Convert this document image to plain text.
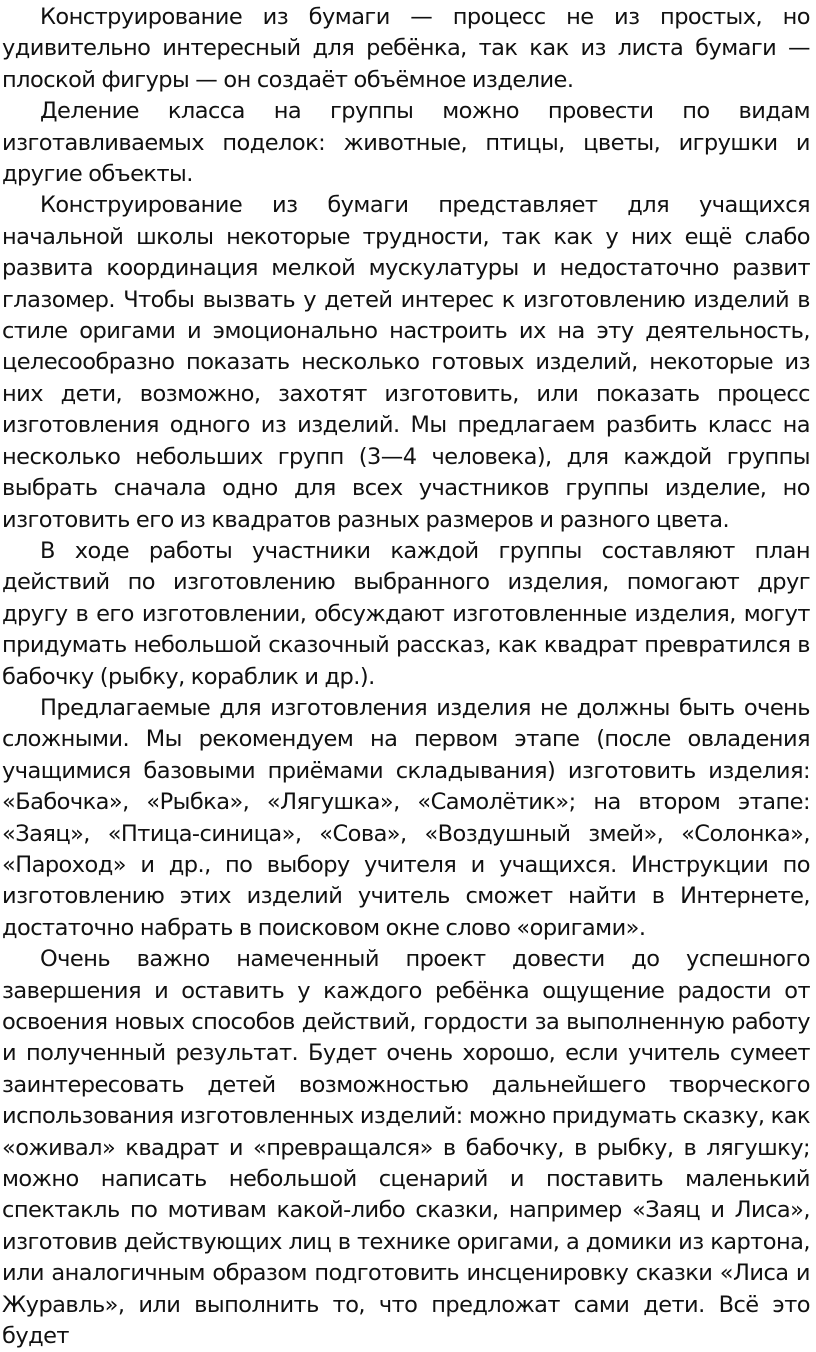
Конструирование из бумаги — процесс не из простых, но удивительно интересный для ребёнка, так как из листа бумаги — плоской фигуры — он создаёт объёмное изделие.

Деление класса на группы можно провести по видам изготавливаемых поделок: животные, птицы, цветы, игрушки и другие объекты.

Конструирование из бумаги представляет для учащихся начальной школы некоторые трудности, так как у них ещё слабо развита координация мелкой мускулатуры и недостаточно развит глазомер. Чтобы вызвать у детей интерес к изготовлению изделий в стиле оригами и эмоционально настроить их на эту деятельность, целесообразно показать несколько готовых изделий, некоторые из них дети, возможно, захотят изготовить, или показать процесс изготовления одного из изделий. Мы предлагаем разбить класс на несколько небольших групп (3—4 человека), для каждой группы выбрать сначала одно для всех участников группы изделие, но изготовить его из квадратов разных размеров и разного цвета.

В ходе работы участники каждой группы составляют план действий по изготовлению выбранного изделия, помогают друг другу в его изготовлении, обсуждают изготовленные изделия, могут придумать небольшой сказочный рассказ, как квадрат превратился в бабочку (рыбку, кораблик и др.).

Предлагаемые для изготовления изделия не должны быть очень сложными. Мы рекомендуем на первом этапе (после овладения учащимися базовыми приёмами складывания) изготовить изделия: «Бабочка», «Рыбка», «Лягушка», «Самолётик»; на втором этапе: «Заяц», «Птица-синица», «Сова», «Воздушный змей», «Солонка», «Пароход» и др., по выбору учителя и учащихся. Инструкции по изготовлению этих изделий учитель сможет найти в Интернете, достаточно набрать в поисковом окне слово «оригами».

Очень важно намеченный проект довести до успешного завершения и оставить у каждого ребёнка ощущение радости от освоения новых способов действий, гордости за выполненную работу и полученный результат. Будет очень хорошо, если учитель сумеет заинтересовать детей возможностью дальнейшего творческого использования изготовленных изделий: можно придумать сказку, как «оживал» квадрат и «превращался» в бабочку, в рыбку, в лягушку; можно написать небольшой сценарий и поставить маленький спектакль по мотивам какой-либо сказки, например «Заяц и Лиса», изготовив действующих лиц в технике оригами, а домики из картона, или аналогичным образом подготовить инсценировку сказки «Лиса и Журавль», или выполнить то, что предложат сами дети. Всё это будет
